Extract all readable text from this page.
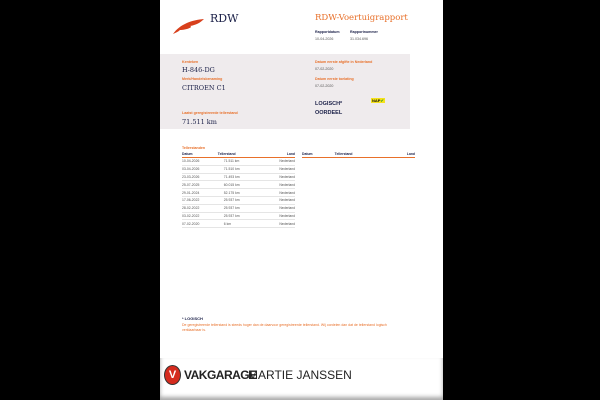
RDW	RDW-Voertuigrapport
Rapportdatum
10-04-2026
Rapportnummer
31.034.696
Kenteken
H-846-DG
Merk/Handelsbenaming
CITROEN C1
Laatst geregistreerde tellerstand
71.511 km
Datum eerste afgifte in Nederland
07-02-2020
Datum eerste toelating
07-02-2020
LOGISCH*
OORDEEL
NAP✔
Tellerstanden
Datum	Tellerstand	Land
10-04-2026	71.511 km	Nederland
03-04-2026	71.510 km	Nederland
23-03-2026	71.493 km	Nederland
25-07-2025	60.015 km	Nederland
29-01-2024	52.175 km	Nederland
17-06-2022	25.937 km	Nederland
28-02-2022	25.937 km	Nederland
03-02-2022	25.937 km	Nederland
07-02-2020	6 km	Nederland
Datum	Tellerstand	Land
* LOGISCH
De geregistreerde tellerstand is steeds hoger dan de daarvoor geregistreerde tellerstand. Wij oordelen dan dat de tellerstand logisch verklaarbaar is.
V VAKGARAGE
MARTIE JANSSEN
